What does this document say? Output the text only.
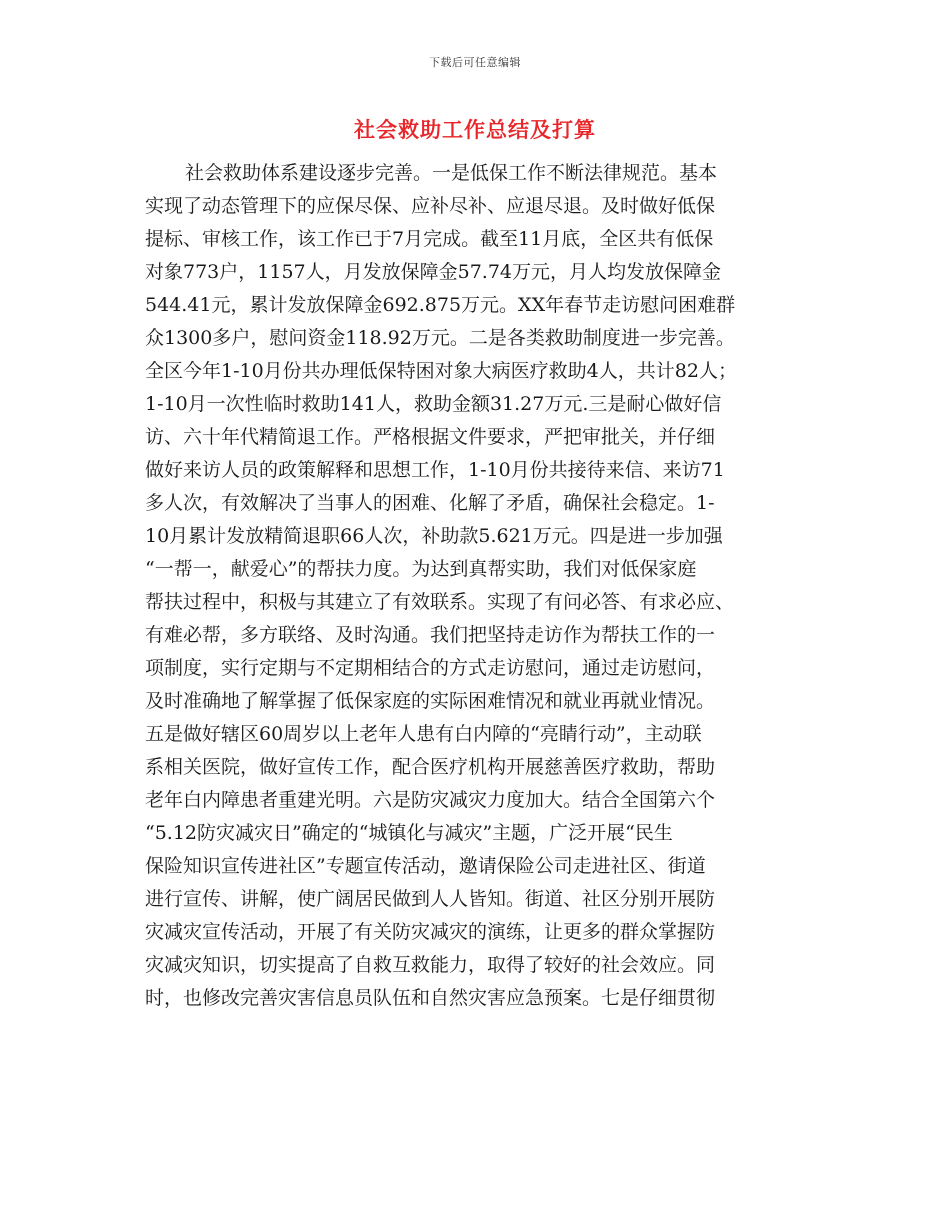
下载后可任意编辑
社会救助工作总结及打算
社会救助体系建设逐步完善。一是低保工作不断法律规范。基本
实现了动态管理下的应保尽保、应补尽补、应退尽退。及时做好低保
提标、审核工作，该工作已于7月完成。截至11月底，全区共有低保
对象773户，1157人，月发放保障金57.74万元，月人均发放保障金
544.41元，累计发放保障金692.875万元。XX年春节走访慰问困难群
众1300多户，慰问资金118.92万元。二是各类救助制度进一步完善。
全区今年1-10月份共办理低保特困对象大病医疗救助4人，共计82人；
1-10月一次性临时救助141人，救助金额31.27万元.三是耐心做好信
访、六十年代精简退工作。严格根据文件要求，严把审批关，并仔细
做好来访人员的政策解释和思想工作，1-10月份共接待来信、来访71
多人次，有效解决了当事人的困难、化解了矛盾，确保社会稳定。1-
10月累计发放精简退职66人次，补助款5.621万元。四是进一步加强
“一帮一，献爱心”的帮扶力度。为达到真帮实助，我们对低保家庭
帮扶过程中，积极与其建立了有效联系。实现了有问必答、有求必应、
有难必帮，多方联络、及时沟通。我们把坚持走访作为帮扶工作的一
项制度，实行定期与不定期相结合的方式走访慰问，通过走访慰问，
及时准确地了解掌握了低保家庭的实际困难情况和就业再就业情况。
五是做好辖区60周岁以上老年人患有白内障的“亮睛行动”，主动联
系相关医院，做好宣传工作，配合医疗机构开展慈善医疗救助，帮助
老年白内障患者重建光明。六是防灾减灾力度加大。结合全国第六个
“5.12防灾减灾日”确定的“城镇化与减灾”主题，广泛开展“民生
保险知识宣传进社区”专题宣传活动，邀请保险公司走进社区、街道
进行宣传、讲解，使广阔居民做到人人皆知。街道、社区分别开展防
灾减灾宣传活动，开展了有关防灾减灾的演练，让更多的群众掌握防
灾减灾知识，切实提高了自救互救能力，取得了较好的社会效应。同
时，也修改完善灾害信息员队伍和自然灾害应急预案。七是仔细贯彻
